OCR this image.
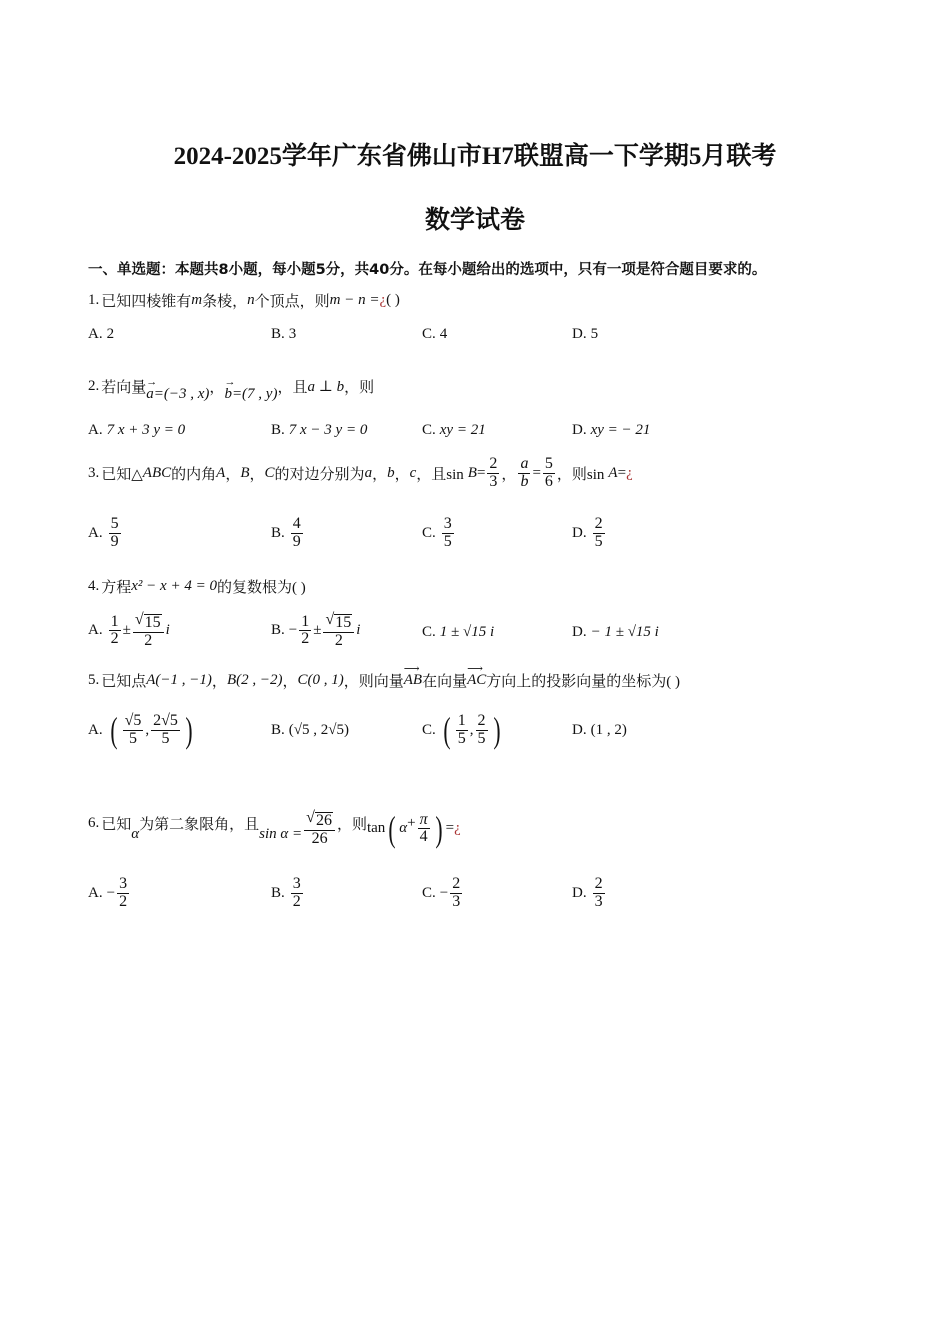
2024-2025学年广东省佛山市H7联盟高一下学期5月联考
数学试卷
一、单选题：本题共8小题，每小题5分，共40分。在每小题给出的选项中，只有一项是符合题目要求的。
1. 已知四棱锥有 m 条棱， n 个顶点，则 m − n = ¿ ( )
A. 2	B. 3	C. 4	D. 5
2. 若向量 →
a =(−3 , x) ， →
b =(7 , y) ，且 a ⊥ b ，则
A. 7 x + 3 y = 0	B. 7 x − 3 y = 0	C. xy = 21	D. xy = − 21
3. 已知△ ABC 的内角 A ， B ， C 的对边分别为 a ， b ， c ，且$\sin B = \frac{2}{3}$ ， $\frac{a}{b} = \frac{5}{6}$ ，则sin A = ¿
A. $\frac{5}{9}$	B. $\frac{4}{9}$	C. $\frac{3}{5}$	D. $\frac{2}{5}$
4. 方程 x² − x + 4 = 0 的复数根为( )
A. $\frac{1}{2} \pm \frac{√ 15}{2}$ i	B. − $\frac{1}{2} \pm \frac{√ 15}{2}$ i	C. 1 ± √15 i	D. − 1 ± √15 i
5. 已知点 A(−1 , −1) ， B(2 , −2) ， C(0 , 1) ，则向量
⟶
AB 在向量
⟶
AC 方向上的投影向量的坐标为( )
A. ( $\frac{√5}{5}$ , $\frac{2√5}{5}$ )	B. (√5 , 2√5)	C. ( $\frac{1}{5}$ , $\frac{2}{5}$ )	D. (1 , 2)
6. 已知
α
为第二象限角，且
$\sin \alpha = \frac{√ 26}{26}$ ，则 tan ( $\alpha + \frac{\pi}{4}$ ) = ¿
A. − $\frac{3}{2}$	B. $\frac{3}{2}$	C. − $\frac{2}{3}$	D. $\frac{2}{3}$
